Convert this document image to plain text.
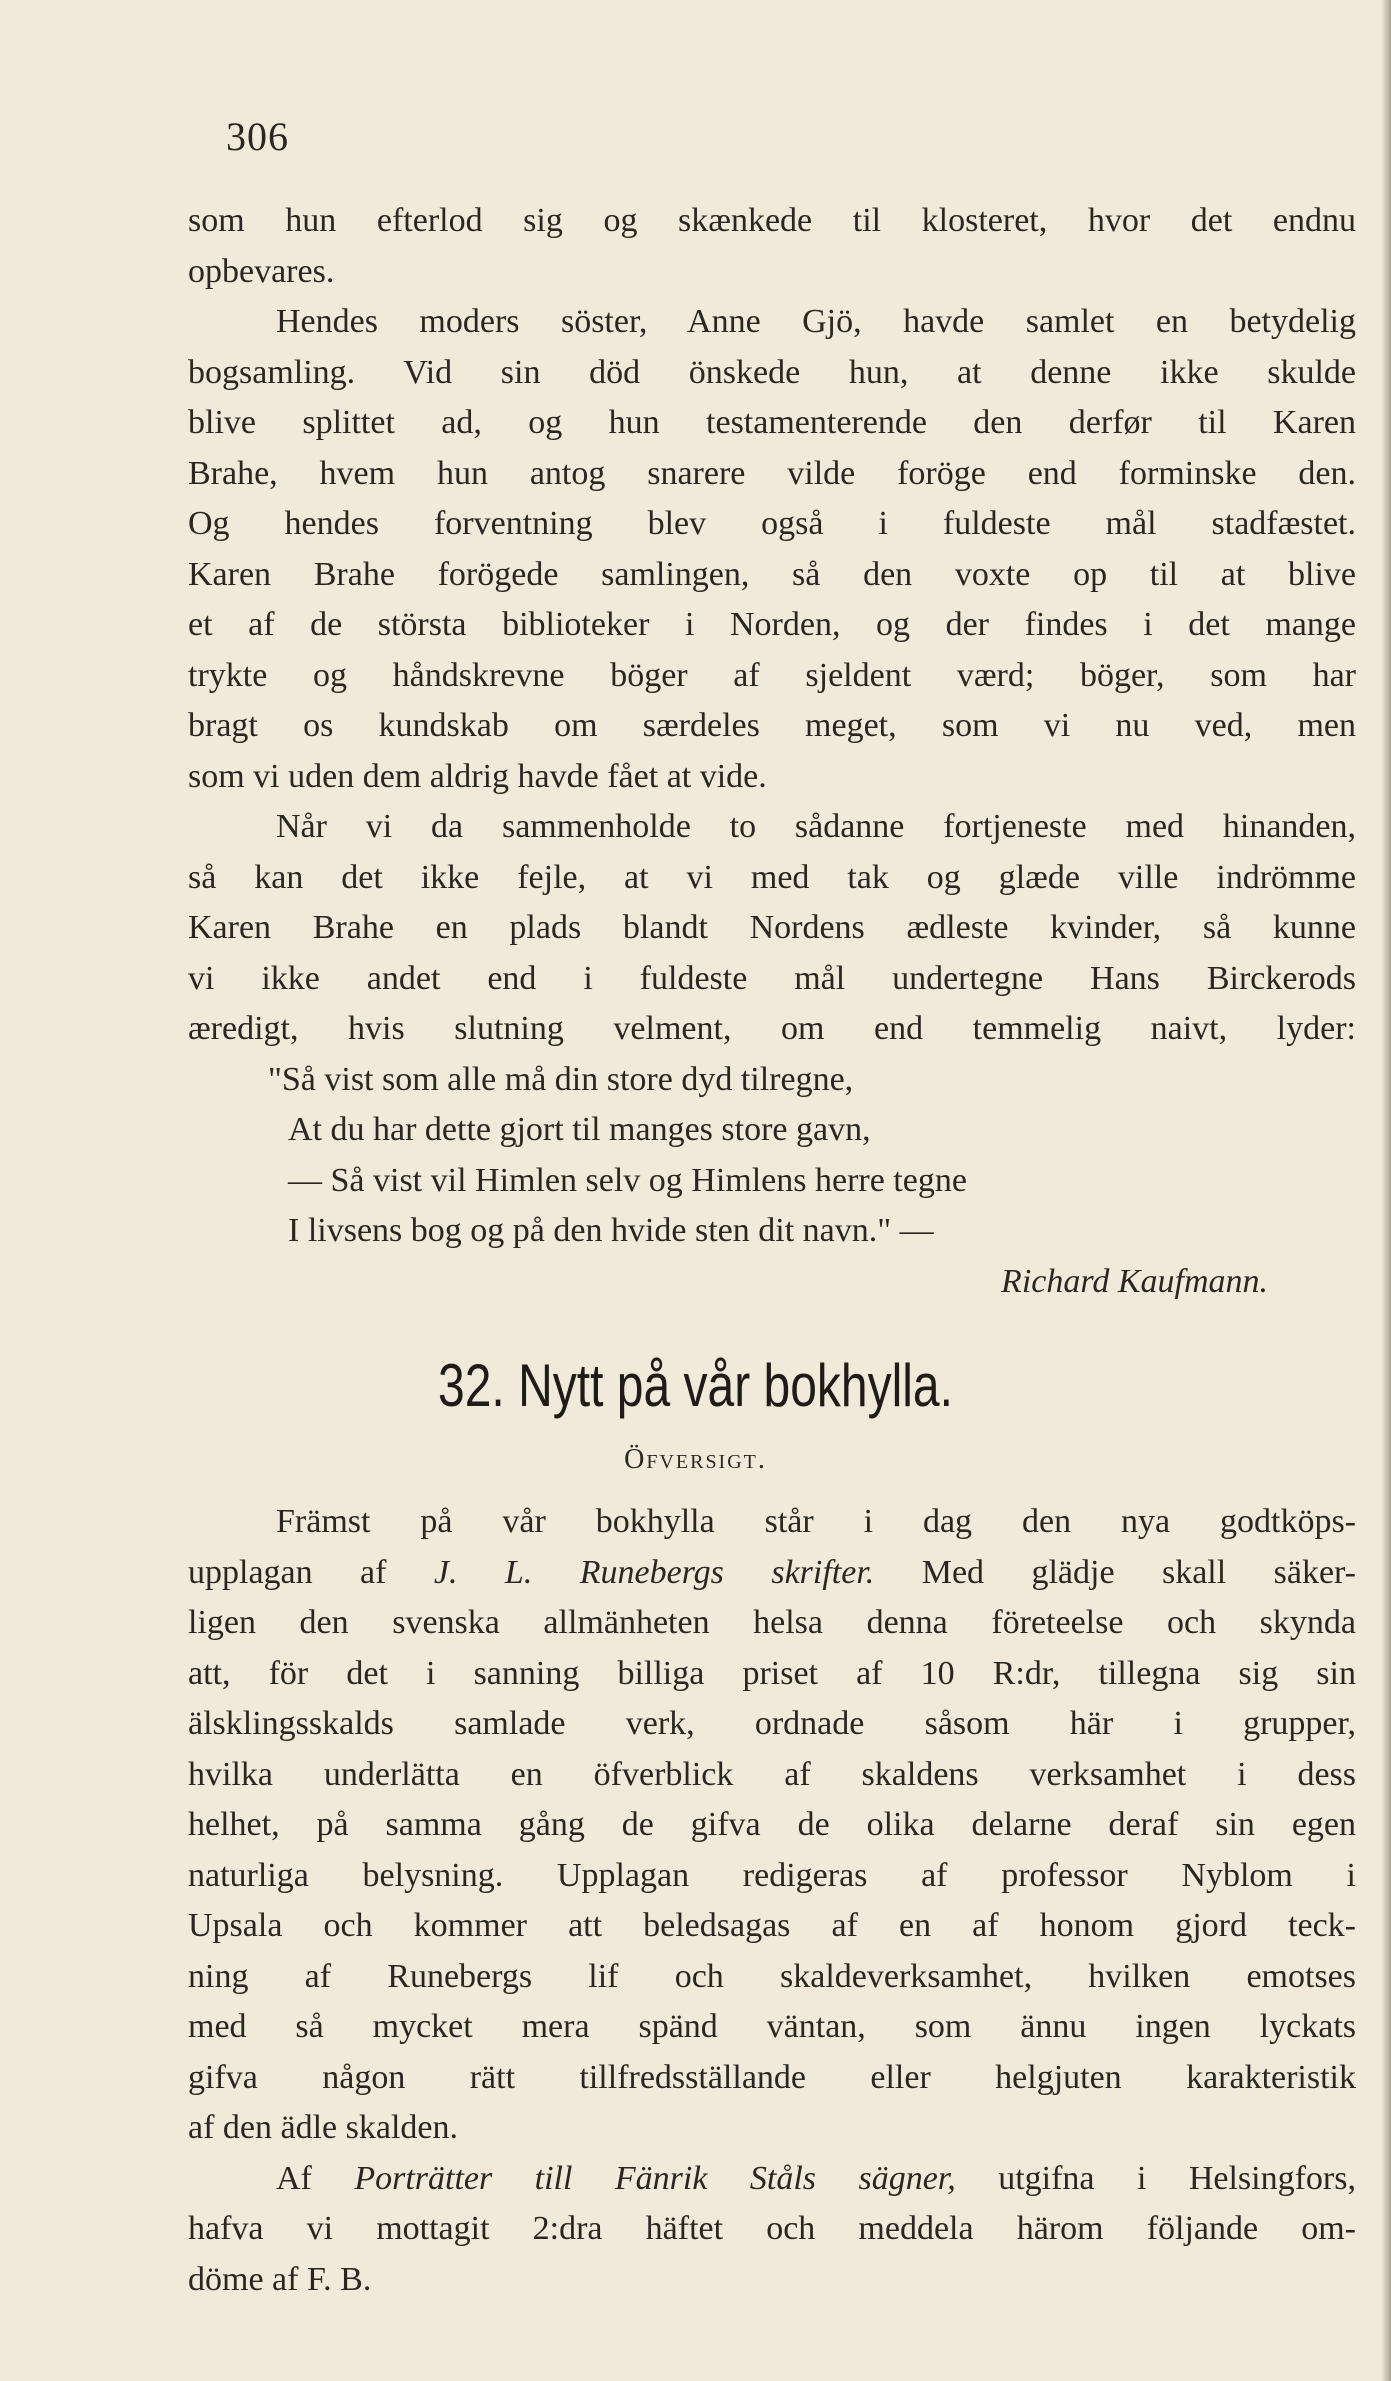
306
som hun efterlod sig og skænkede til klosteret, hvor det endnu
opbevares.
Hendes moders söster, Anne Gjö, havde samlet en betydelig
bogsamling. Vid sin död önskede hun, at denne ikke skulde
blive splittet ad, og hun testamenterende den derfør til Karen
Brahe, hvem hun antog snarere vilde foröge end forminske den.
Og hendes forventning blev også i fuldeste mål stadfæstet.
Karen Brahe forögede samlingen, så den voxte op til at blive
et af de största biblioteker i Norden, og der findes i det mange
trykte og håndskrevne böger af sjeldent værd; böger, som har
bragt os kundskab om særdeles meget, som vi nu ved, men
som vi uden dem aldrig havde fået at vide.
Når vi da sammenholde to sådanne fortjeneste med hinanden,
så kan det ikke fejle, at vi med tak og glæde ville indrömme
Karen Brahe en plads blandt Nordens ædleste kvinder, så kunne
vi ikke andet end i fuldeste mål undertegne Hans Birckerods
æredigt, hvis slutning velment, om end temmelig naivt, lyder:
"Så vist som alle må din store dyd tilregne,
At du har dette gjort til manges store gavn,
— Så vist vil Himlen selv og Himlens herre tegne
I livsens bog og på den hvide sten dit navn." —
Richard Kaufmann.
32. Nytt på vår bokhylla.
Öfversigt.
Främst på vår bokhylla står i dag den nya godtköps-
upplagan af J. L. Runebergs skrifter. Med glädje skall säker-
ligen den svenska allmänheten helsa denna företeelse och skynda
att, för det i sanning billiga priset af 10 R:dr, tillegna sig sin
älsklingsskalds samlade verk, ordnade såsom här i grupper,
hvilka underlätta en öfverblick af skaldens verksamhet i dess
helhet, på samma gång de gifva de olika delarne deraf sin egen
naturliga belysning. Upplagan redigeras af professor Nyblom i
Upsala och kommer att beledsagas af en af honom gjord teck-
ning af Runebergs lif och skaldeverksamhet, hvilken emotses
med så mycket mera spänd väntan, som ännu ingen lyckats
gifva någon rätt tillfredsställande eller helgjuten karakteristik
af den ädle skalden.
Af Porträtter till Fänrik Ståls sägner, utgifna i Helsingfors,
hafva vi mottagit 2:dra häftet och meddela härom följande om-
döme af F. B.
